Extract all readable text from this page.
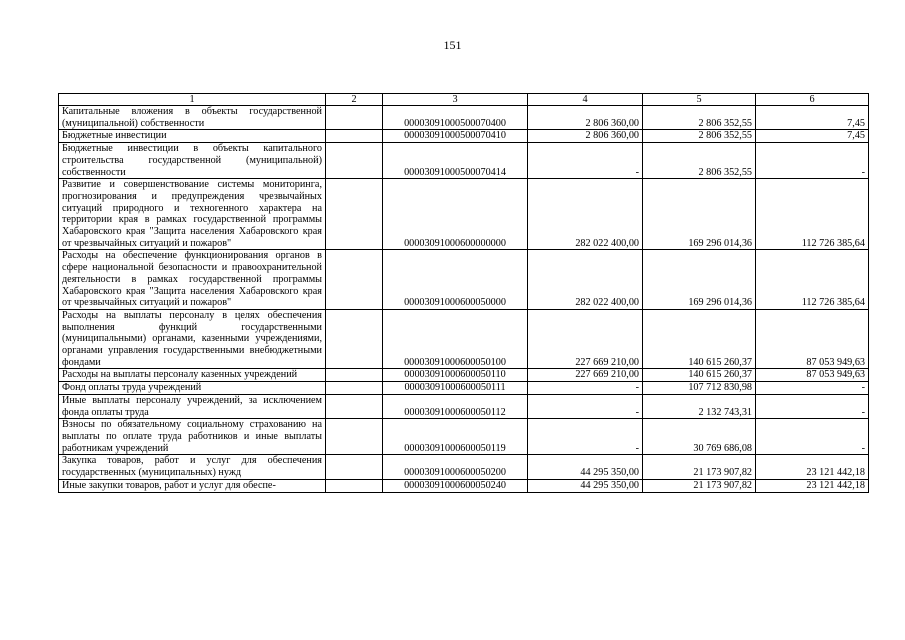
151
1	2	3	4	5	6
Капитальные вложения в объекты государственной (муниципальной) собственности		00003091000500070400	2 806 360,00	2 806 352,55	7,45
Бюджетные инвестиции		00003091000500070410	2 806 360,00	2 806 352,55	7,45
Бюджетные инвестиции в объекты капитального строительства государственной (муниципальной) собственности		00003091000500070414	-	2 806 352,55	-
Развитие и совершенствование системы мониторинга, прогнозирования и предупреждения чрезвычайных ситуаций природного и техногенного характера на территории края в рамках государственной программы Хабаровского края "Защита населения Хабаровского края от чрезвычайных ситуаций и пожаров"		00003091000600000000	282 022 400,00	169 296 014,36	112 726 385,64
Расходы на обеспечение функционирования органов в сфере национальной безопасности и правоохранительной деятельности в рамках государственной программы Хабаровского края "Защита населения Хабаровского края от чрезвычайных ситуаций и пожаров"		00003091000600050000	282 022 400,00	169 296 014,36	112 726 385,64
Расходы на выплаты персоналу в целях обеспечения выполнения функций государственными (муниципальными) органами, казенными учреждениями, органами управления государственными внебюджетными фондами		00003091000600050100	227 669 210,00	140 615 260,37	87 053 949,63
Расходы на выплаты персоналу казенных учреждений		00003091000600050110	227 669 210,00	140 615 260,37	87 053 949,63
Фонд оплаты труда учреждений		00003091000600050111	-	107 712 830,98	-
Иные выплаты персоналу учреждений, за исключением фонда оплаты труда		00003091000600050112	-	2 132 743,31	-
Взносы по обязательному социальному страхованию на выплаты по оплате труда работников и иные выплаты работникам учреждений		00003091000600050119	-	30 769 686,08	-
Закупка товаров, работ и услуг для обеспечения государственных (муниципальных) нужд		00003091000600050200	44 295 350,00	21 173 907,82	23 121 442,18
Иные закупки товаров, работ и услуг для обеспе-		00003091000600050240	44 295 350,00	21 173 907,82	23 121 442,18
